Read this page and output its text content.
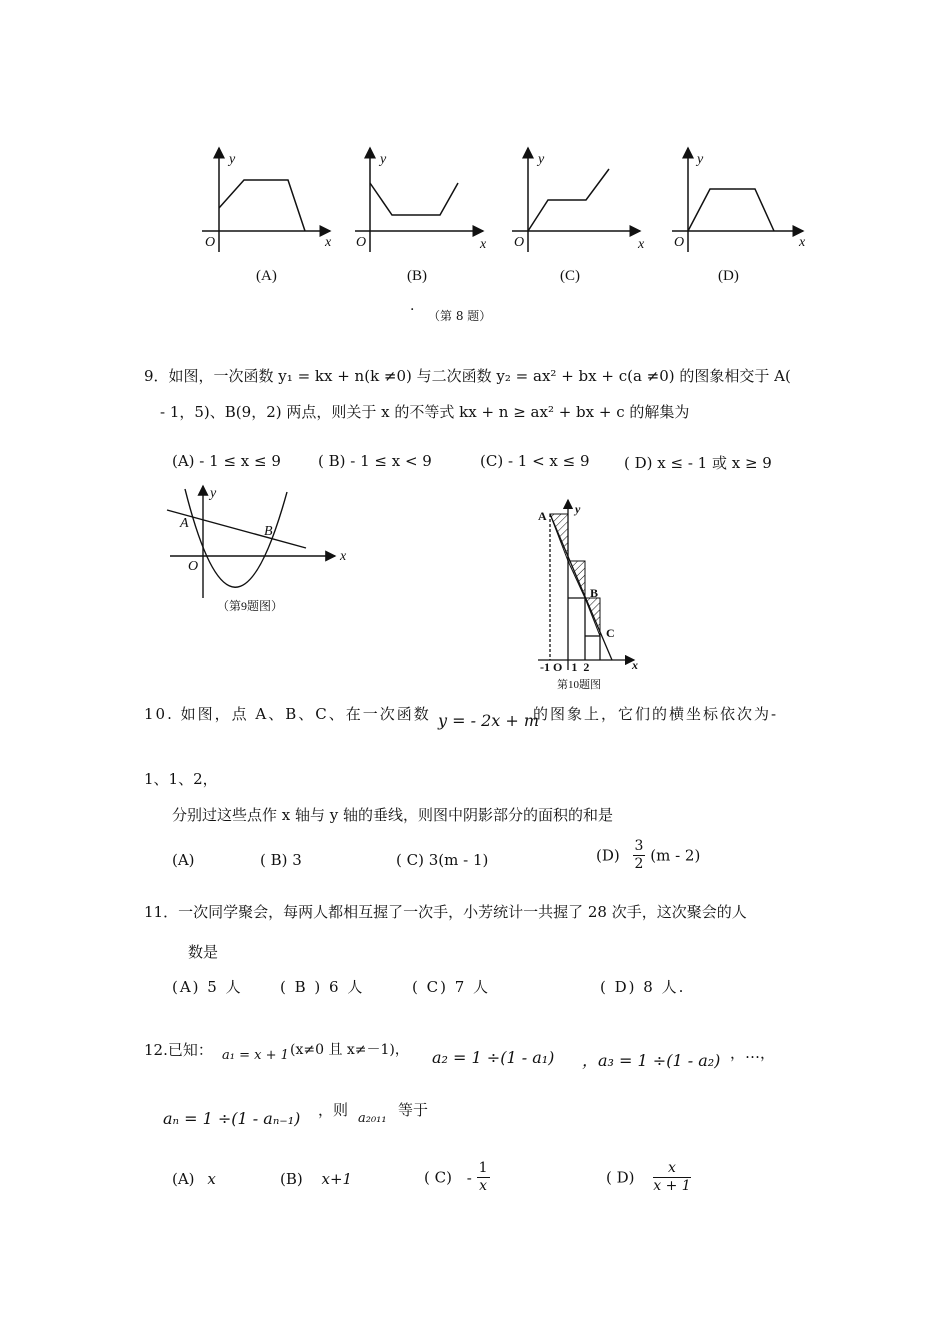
y
x
O
y
x
O
y
x
O
y
x
O
(A)	(B)	(C)	(D)
· （第 8 题）
9．如图，一次函数 y₁ = kx + n(k ≠0) 与二次函数 y₂ = ax² + bx + c(a ≠0) 的图象相交于 A(
- 1，5)、B(9，2) 两点，则关于 x 的不等式 kx + n ≥ ax² + bx + c 的解集为
(A) - 1 ≤ x ≤ 9 ( B) - 1 ≤ x < 9	(C) - 1 < x ≤ 9 ( D) x ≤ - 1 或 x ≥ 9
A
B
O
x
y
（第9题图）
A
B
C
y
x
-1 O   1  2
第10题图
10. 如图，点 A、B、C、在一次函数 y = - 2x + m
的图象上，它们的横坐标依次为-
1、1、2，
分别过这些点作 x 轴与 y 轴的垂线，则图中阴影部分的面积的和是
(A)	( B) 3	( C) 3(m - 1)	$(D) \frac{3}{2} (m - 2)$
11．一次同学聚会，每两人都相互握了一次手，小芳统计一共握了 28 次手，这次聚会的人
数是
(A) 5 人 ( B ) 6 人	( C) 7 人	( D) 8 人.
12.已知： a₁ = x + 1 (x≠0 且 x≠－1)， a₂ = 1 ÷(1 - a₁) ，a₃ = 1 ÷(1 - a₂) ，…，
aₙ = 1 ÷(1 - aₙ₋₁) ，则 a₂₀₁₁ 等于
(A) x	(B) x+1	( $C) - \frac{1}{x}$	( $D) \frac{x}{x + 1}$
